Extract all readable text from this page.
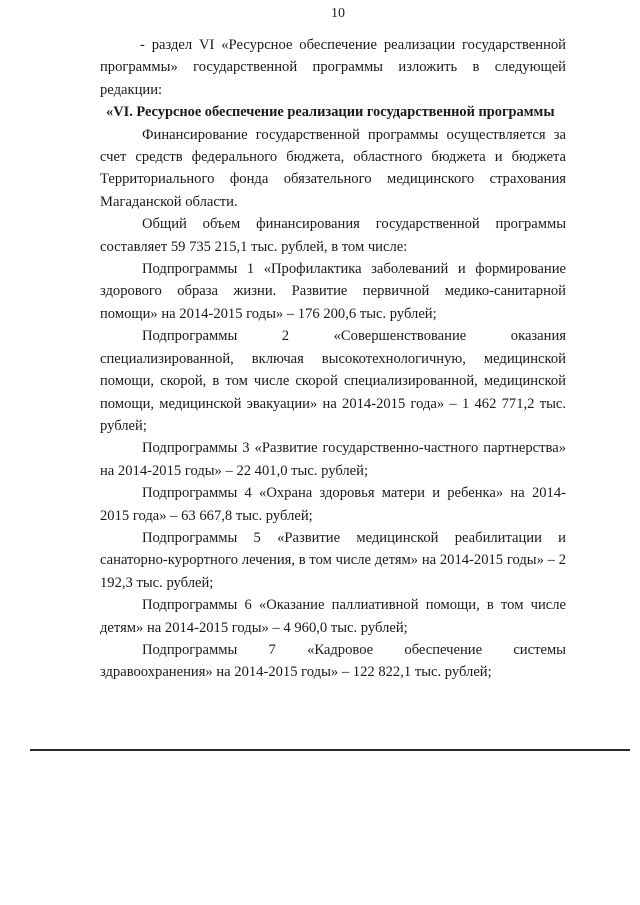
10

- раздел VI «Ресурсное обеспечение реализации государственной программы» государственной программы изложить в следующей редакции:

«VI. Ресурсное обеспечение реализации государственной программы

Финансирование государственной программы осуществляется за счет средств федерального бюджета, областного бюджета и бюджета Территориального фонда обязательного медицинского страхования Магаданской области.

Общий объем финансирования государственной программы составляет 59 735 215,1 тыс. рублей, в том числе:

Подпрограммы 1 «Профилактика заболеваний и формирование здорового образа жизни. Развитие первичной медико-санитарной помощи» на 2014-2015 годы» – 176 200,6 тыс. рублей;

Подпрограммы 2 «Совершенствование оказания специализированной, включая высокотехнологичную, медицинской помощи, скорой, в том числе скорой специализированной, медицинской помощи, медицинской эвакуации» на 2014-2015 года» – 1 462 771,2 тыс. рублей;

Подпрограммы 3 «Развитие государственно-частного партнерства» на 2014-2015 годы» – 22 401,0 тыс. рублей;

Подпрограммы 4 «Охрана здоровья матери и ребенка» на 2014-2015 года» – 63 667,8 тыс. рублей;

Подпрограммы 5 «Развитие медицинской реабилитации и санаторно-курортного лечения, в том числе детям» на 2014-2015 годы» – 2 192,3 тыс. рублей;

Подпрограммы 6 «Оказание паллиативной помощи, в том числе детям» на 2014-2015 годы» – 4 960,0 тыс. рублей;

Подпрограммы 7 «Кадровое обеспечение системы здравоохранения» на 2014-2015 годы» – 122 822,1 тыс. рублей;
